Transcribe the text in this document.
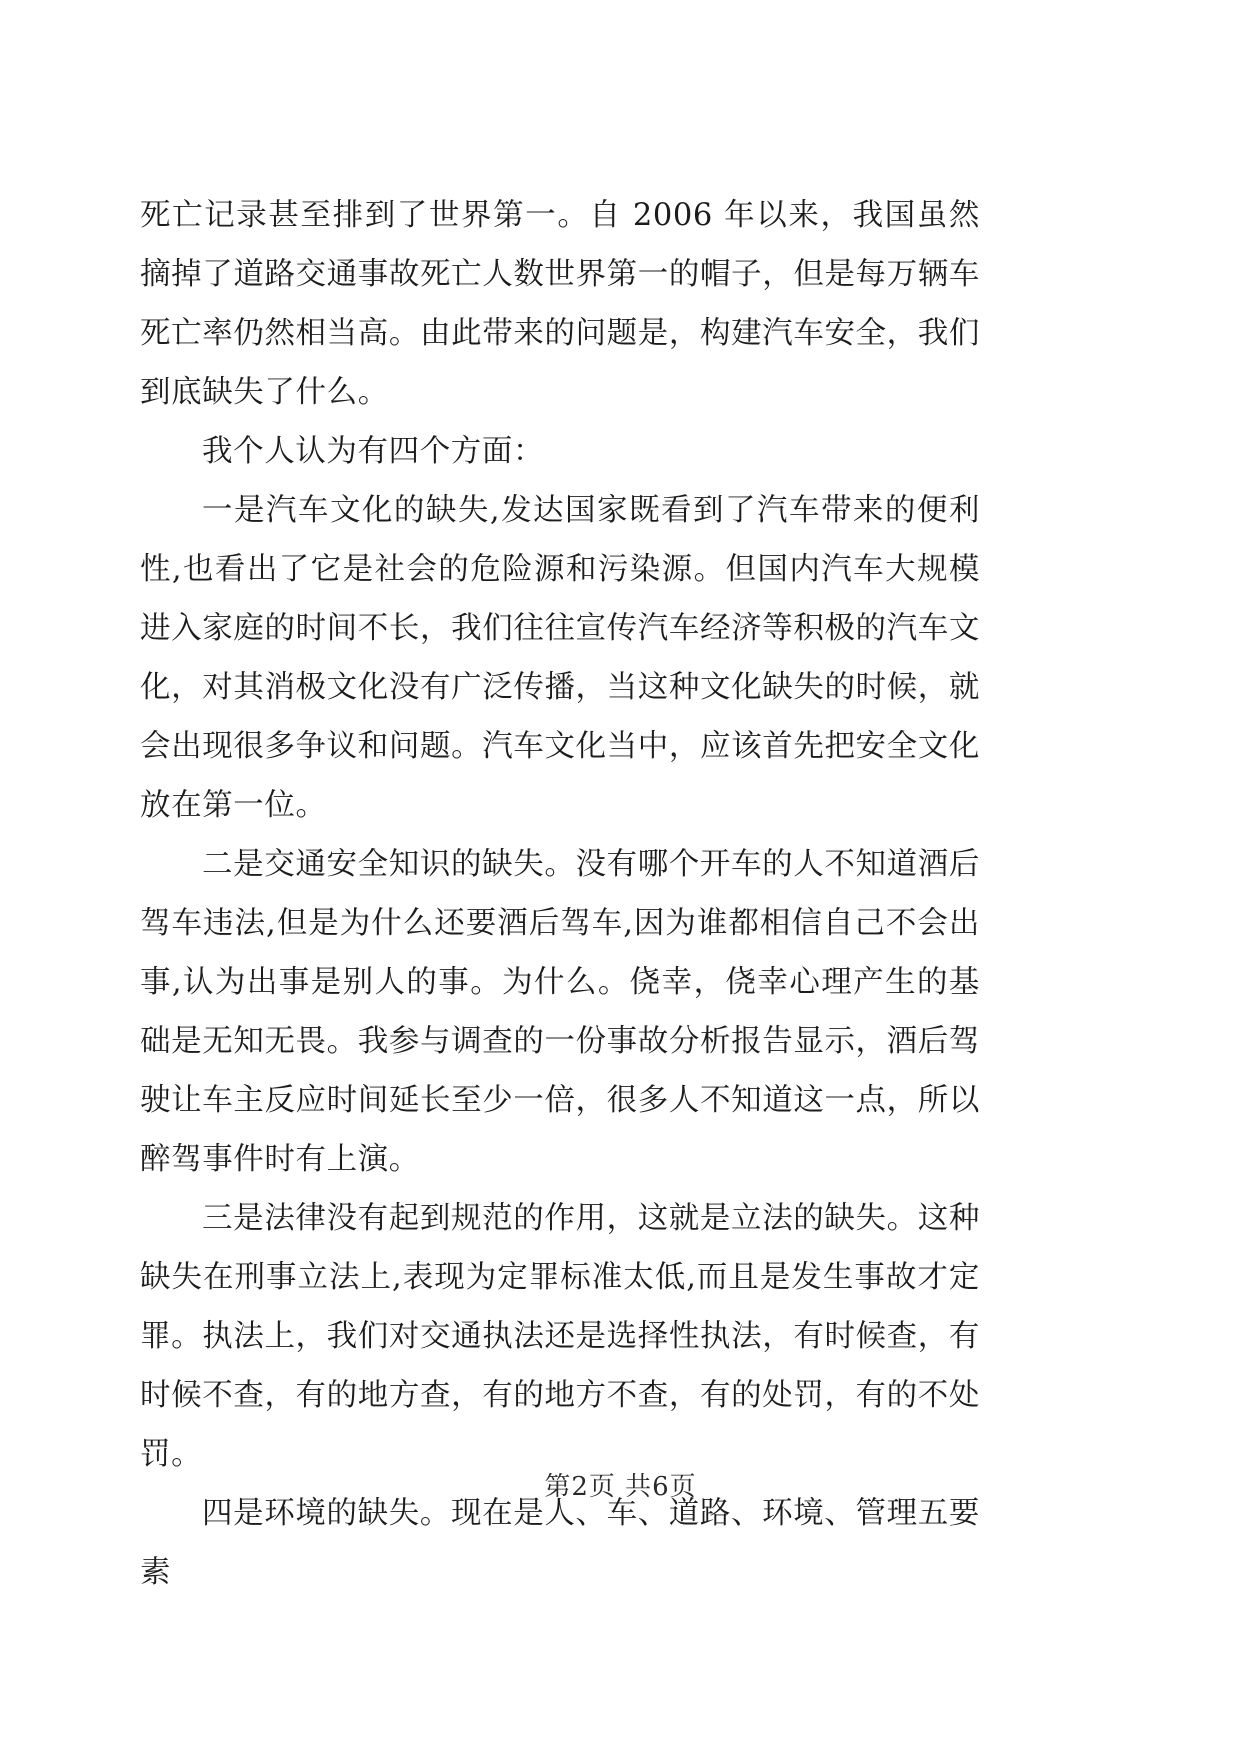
死亡记录甚至排到了世界第一。自 2006 年以来，我国虽然摘掉了道路交通事故死亡人数世界第一的帽子，但是每万辆车死亡率仍然相当高。由此带来的问题是，构建汽车安全，我们到底缺失了什么。

我个人认为有四个方面：

一是汽车文化的缺失,发达国家既看到了汽车带来的便利性,也看出了它是社会的危险源和污染源。但国内汽车大规模进入家庭的时间不长，我们往往宣传汽车经济等积极的汽车文化，对其消极文化没有广泛传播，当这种文化缺失的时候，就会出现很多争议和问题。汽车文化当中，应该首先把安全文化放在第一位。

二是交通安全知识的缺失。没有哪个开车的人不知道酒后驾车违法,但是为什么还要酒后驾车,因为谁都相信自己不会出事,认为出事是别人的事。为什么。侥幸，侥幸心理产生的基础是无知无畏。我参与调查的一份事故分析报告显示，酒后驾驶让车主反应时间延长至少一倍，很多人不知道这一点，所以醉驾事件时有上演。

三是法律没有起到规范的作用，这就是立法的缺失。这种缺失在刑事立法上,表现为定罪标准太低,而且是发生事故才定罪。执法上，我们对交通执法还是选择性执法，有时候查，有时候不查，有的地方查，有的地方不查，有的处罚，有的不处罚。

四是环境的缺失。现在是人、车、道路、环境、管理五要素

第2页 共6页
